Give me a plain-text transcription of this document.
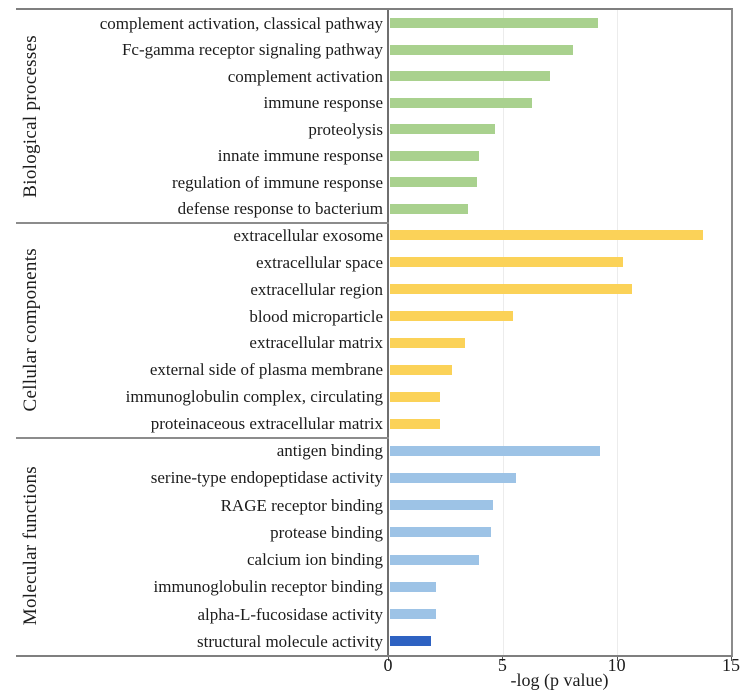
Biological processes
complement activation, classical pathway
Fc-gamma receptor signaling pathway
complement activation
immune response
proteolysis
innate immune response
regulation of immune response
defense response to bacterium
Cellular components
extracellular exosome
extracellular space
extracellular region
blood microparticle
extracellular matrix
external side of plasma membrane
immunoglobulin complex, circulating
proteinaceous extracellular matrix
Molecular functions
antigen binding
serine-type endopeptidase activity
RAGE receptor binding
protease binding
calcium ion binding
immunoglobulin receptor binding
alpha-L-fucosidase activity
structural molecule activity
0	5	10	15
-log (p value)
